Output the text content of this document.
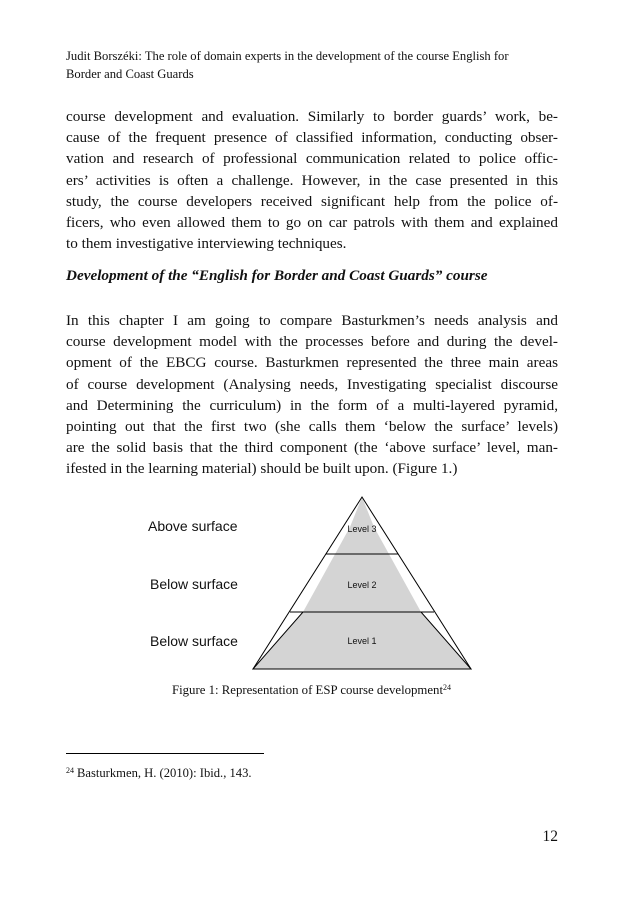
Judit Borszéki: The role of domain experts in the development of the course English for
Border and Coast Guards
course development and evaluation. Similarly to border guards’ work, be-
cause of the frequent presence of classified information, conducting obser-
vation and research of professional communication related to police offic-
ers’ activities is often a challenge. However, in the case presented in this
study, the course developers received significant help from the police of-
ficers, who even allowed them to go on car patrols with them and explained
to them investigative interviewing techniques.
Development of the “English for Border and Coast Guards” course
In this chapter I am going to compare Basturkmen’s needs analysis and
course development model with the processes before and during the devel-
opment of the EBCG course. Basturkmen represented the three main areas
of course development (Analysing needs, Investigating specialist discourse
and Determining the curriculum) in the form of a multi-layered pyramid,
pointing out that the first two (she calls them ‘below the surface’ levels)
are the solid basis that the third component (the ‘above surface’ level, man-
ifested in the learning material) should be built upon. (Figure 1.)
Level 3
Level 2
Level 1
Above surface
Below surface
Below surface
Figure 1: Representation of ESP course development$^{24}$
$^{24}$ Basturkmen, H. (2010): Ibid., 143.
12
